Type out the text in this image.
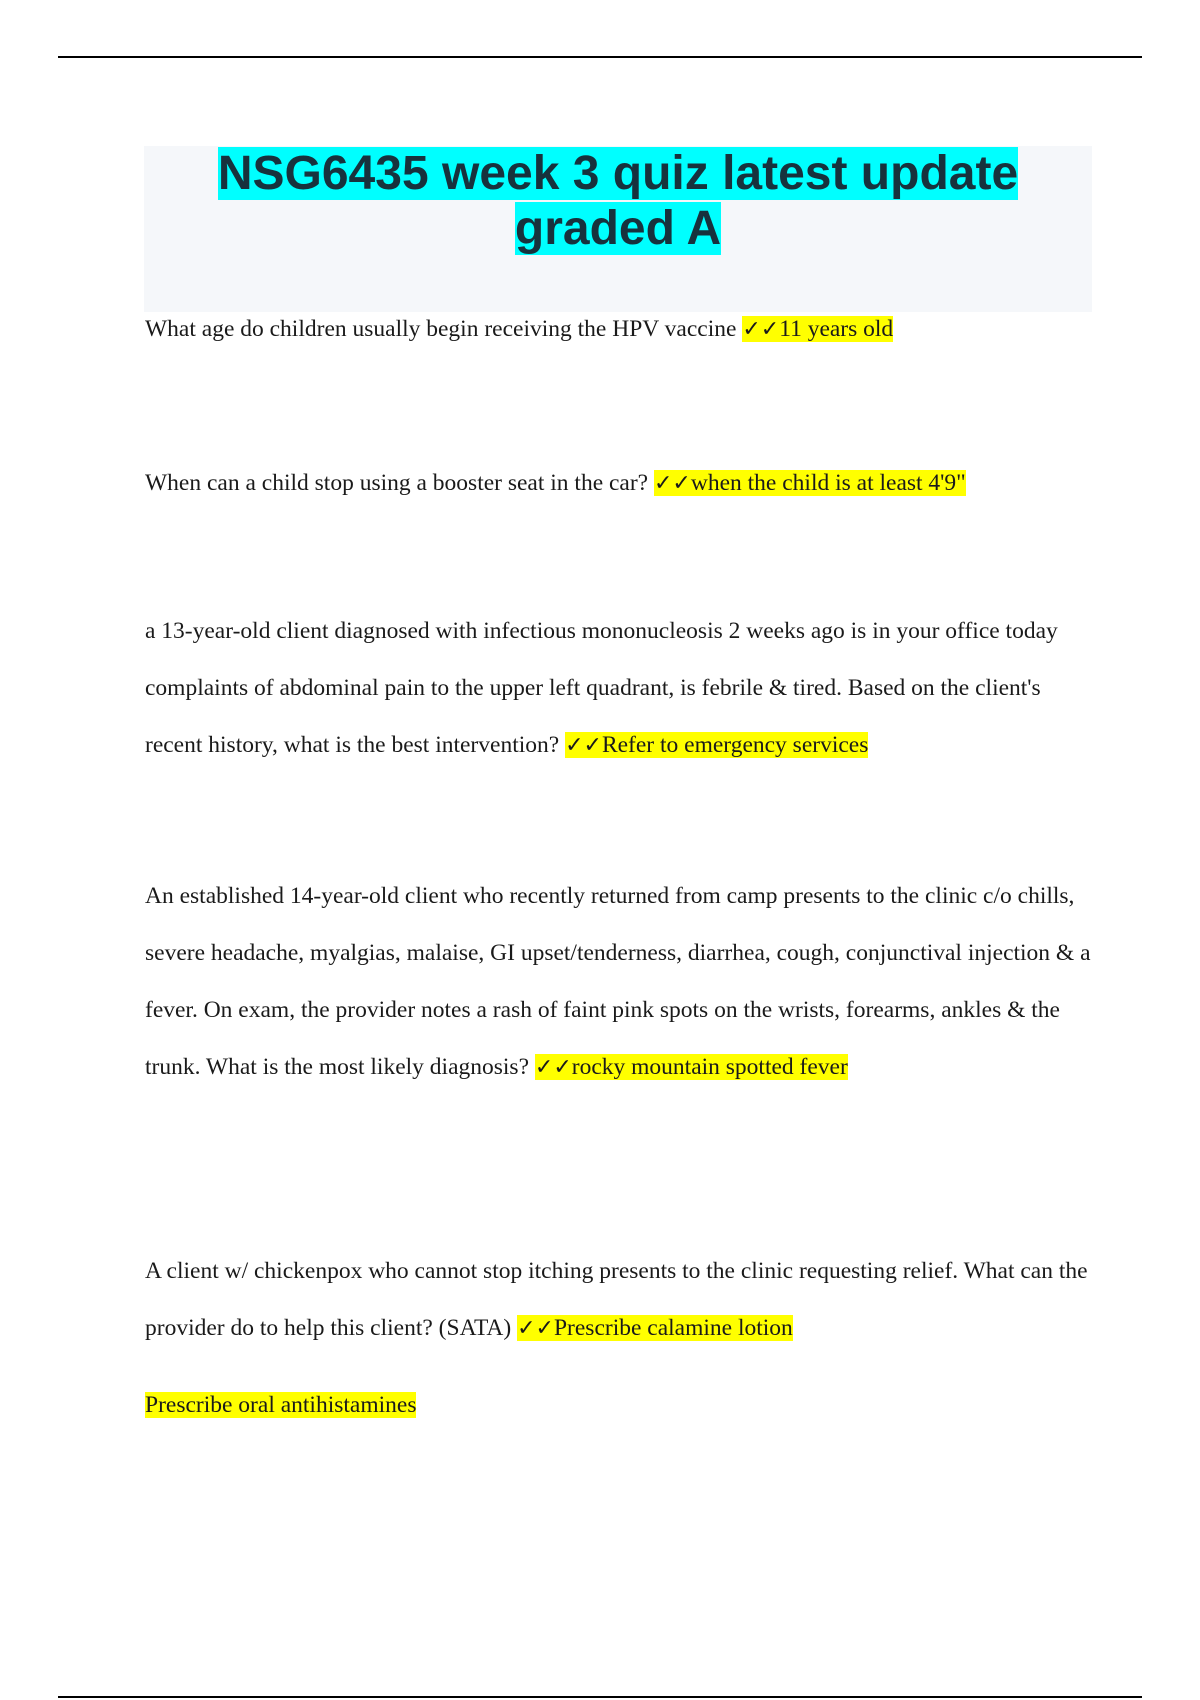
NSG6435 week 3 quiz latest update
graded A

What age do children usually begin receiving the HPV vaccine ✓✓11 years old

When can a child stop using a booster seat in the car? ✓✓when the child is at least 4'9"

a 13-year-old client diagnosed with infectious mononucleosis 2 weeks ago is in your office today complaints of abdominal pain to the upper left quadrant, is febrile & tired. Based on the client's recent history, what is the best intervention? ✓✓Refer to emergency services

An established 14-year-old client who recently returned from camp presents to the clinic c/o chills, severe headache, myalgias, malaise, GI upset/tenderness, diarrhea, cough, conjunctival injection & a fever. On exam, the provider notes a rash of faint pink spots on the wrists, forearms, ankles & the trunk. What is the most likely diagnosis? ✓✓rocky mountain spotted fever

A client w/ chickenpox who cannot stop itching presents to the clinic requesting relief. What can the provider do to help this client? (SATA) ✓✓Prescribe calamine lotion

Prescribe oral antihistamines
